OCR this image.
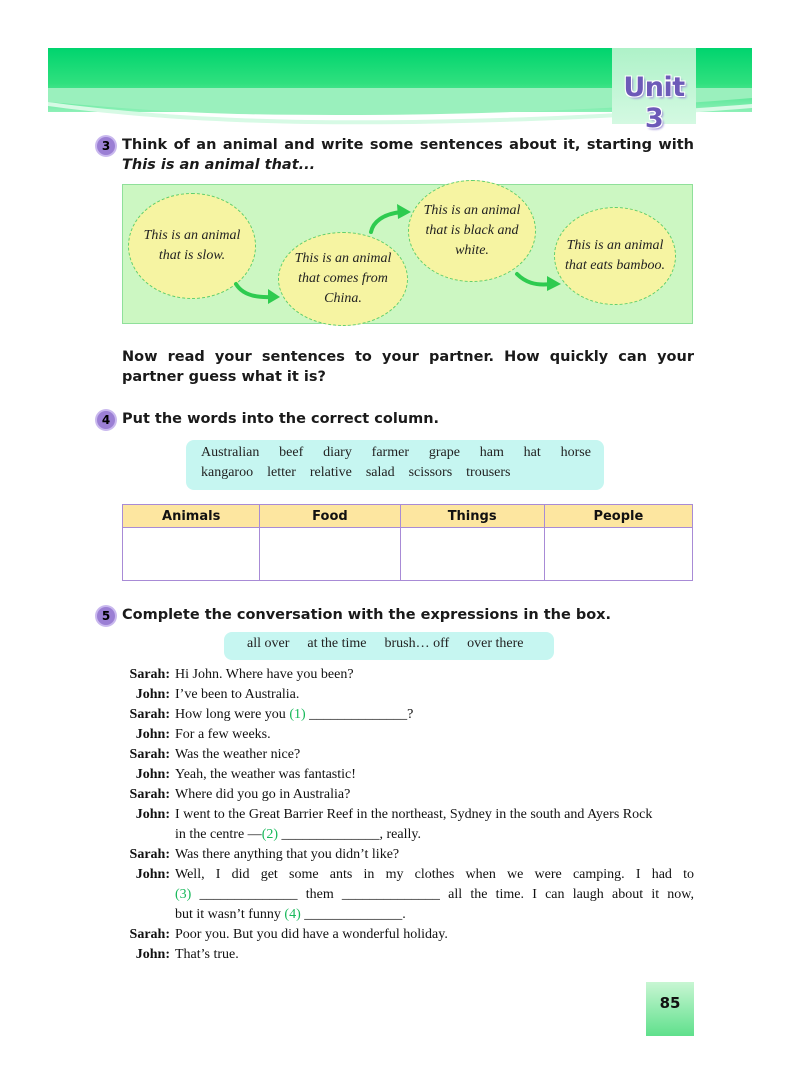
Unit 3
3 Think of an animal and write some sentences about it, starting with This is an animal that...
This is an animal that is slow.	This is an animal that comes from China.
This is an animal that is black and white.	This is an animal that eats bamboo.
Now read your sentences to your partner. How quickly can your partner guess what it is?
4 Put the words into the correct column.
Australian beef diary farmer grape ham hat horse
kangaroo letter relative salad scissors trousers
Animals	Food	Things	People

5 Complete the conversation with the expressions in the box.
all over at the time brush… off over there
Sarah: Hi John. Where have you been?
John: I’ve been to Australia.
Sarah: How long were you (1) ______________?
John: For a few weeks.
Sarah: Was the weather nice?
John: Yeah, the weather was fantastic!
Sarah: Where did you go in Australia?
John: I went to the Great Barrier Reef in the northeast, Sydney in the south and Ayers Rock
in the centre —(2) ______________, really.
Sarah: Was there anything that you didn’t like?
John: Well, I did get some ants in my clothes when we were camping. I had to
(3) ______________ them ______________ all the time. I can laugh about it now,
but it wasn’t funny (4) ______________.
Sarah: Poor you. But you did have a wonderful holiday.
John: That’s true.
85
